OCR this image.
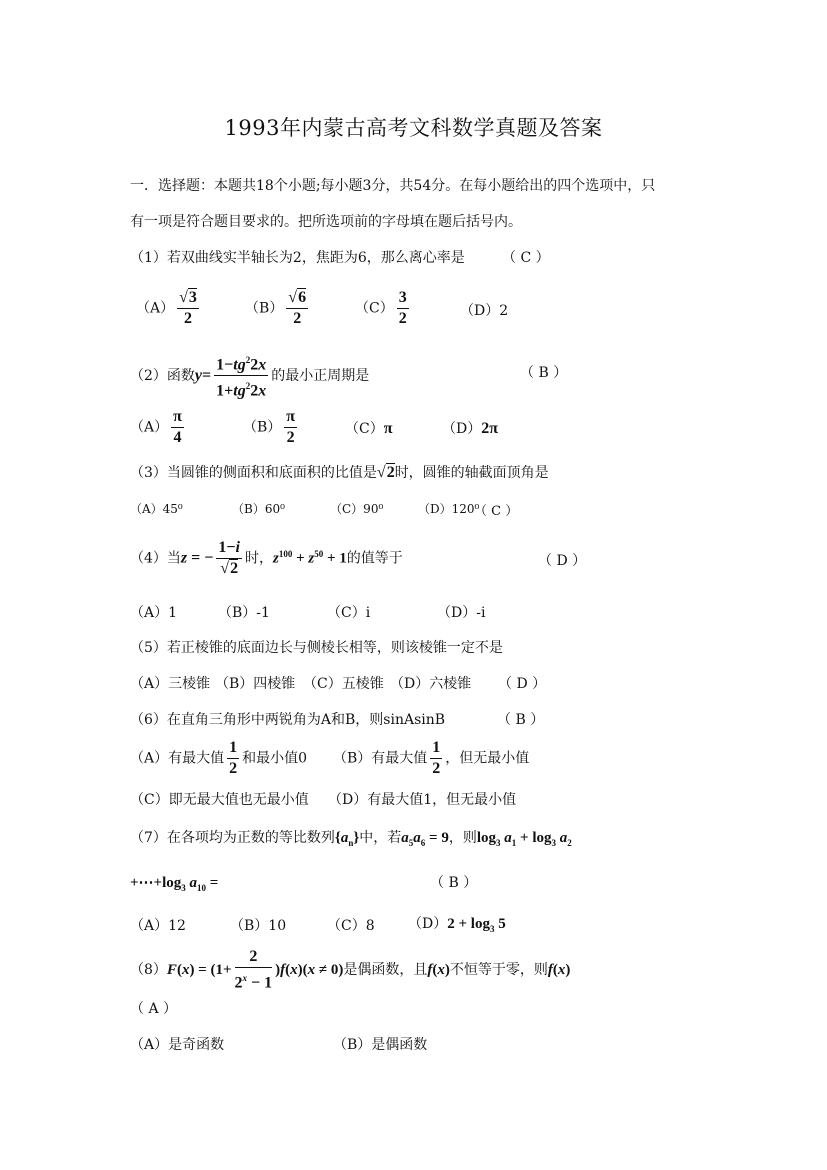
1993年内蒙古高考文科数学真题及答案
一．选择题：本题共18个小题;每小题3分，共54分。在每小题给出的四个选项中，只
有一项是符合题目要求的。把所选项前的字母填在题后括号内。
（1）若双曲线实半轴长为2，焦距为6，那么离心率是	（ C ）
$(A) \frac{√3}{2}$	$(B) \frac{√6}{2}$	$(C) \frac{3}{2}$	（D）2
（2）函数$y= \frac{1-tg^22x}{1+tg^22x}$ 的最小正周期是	（ B ）
$(A) \frac{\pi}{4}$	$(B) \frac{\pi}{2}$	（C）π	（D）2π
（3）当圆锥的侧面积和底面积的比值是√2时，圆锥的轴截面顶角是
（A）45⁰	（B）60⁰	（C）90⁰	（D）120⁰
（ C ）
（4）当z = − $\frac{1-i}{√2}$ 时，$z^{100} + z^{50} + 1$的值等于	（ D ）
（A）1	（B）-1	（C）i	（D）-i
（5）若正棱锥的底面边长与侧棱长相等，则该棱锥一定不是
（A）三棱锥 （B）四棱锥 （C）五棱锥 （D）六棱锥 （ D ）
（6）在直角三角形中两锐角为A和B，则sinAsinB	（ B ）
（A）有最大值 $\frac{1}{2}$ 和最小值0 （B）有最大值 $\frac{1}{2}$ ，但无最小值
（C）即无最大值也无最小值 （D）有最大值1，但无最小值
（7）在各项均为正数的等比数列$\{a_n\}$中，若$a_5a_6 = 9$，则$\log_3 a_1 + \log_3 a_2$
$+\cdots+\log_3$ $a_{10}$ =	（ B ）
（A）12	（B）10	（C）8 $(D)2 + \log_3 5$
$(8)F(x) = (1+ \frac{2}{2^x - 1} )f(x)(x \ne 0)$是偶函数，且f(x)不恒等于零，则f(x)
（ A ）
（A）是奇函数	（B）是偶函数
